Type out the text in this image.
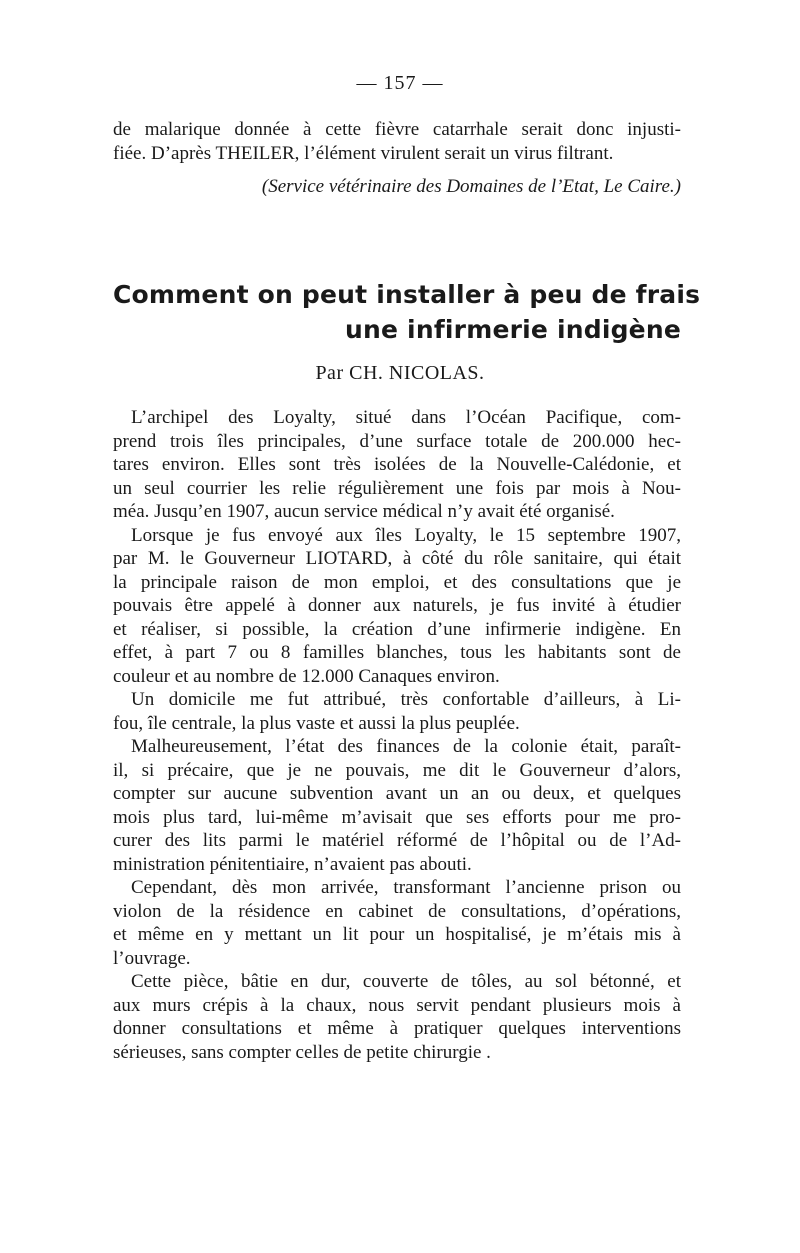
— 157 —
de malarique donnée à cette fièvre catarrhale serait donc injusti-
fiée. D’après THEILER, l’élément virulent serait un virus filtrant.
(Service vétérinaire des Domaines de l’Etat, Le Caire.)
Comment on peut installer à peu de frais
une infirmerie indigène
Par CH. NICOLAS.
L’archipel des Loyalty, situé dans l’Océan Pacifique, com-
prend trois îles principales, d’une surface totale de 200.000 hec-
tares environ. Elles sont très isolées de la Nouvelle-Calédonie, et
un seul courrier les relie régulièrement une fois par mois à Nou-
méa. Jusqu’en 1907, aucun service médical n’y avait été organisé.
Lorsque je fus envoyé aux îles Loyalty, le 15 septembre 1907,
par M. le Gouverneur LIOTARD, à côté du rôle sanitaire, qui était
la principale raison de mon emploi, et des consultations que je
pouvais être appelé à donner aux naturels, je fus invité à étudier
et réaliser, si possible, la création d’une infirmerie indigène. En
effet, à part 7 ou 8 familles blanches, tous les habitants sont de
couleur et au nombre de 12.000 Canaques environ.
Un domicile me fut attribué, très confortable d’ailleurs, à Li-
fou, île centrale, la plus vaste et aussi la plus peuplée.
Malheureusement, l’état des finances de la colonie était, paraît-
il, si précaire, que je ne pouvais, me dit le Gouverneur d’alors,
compter sur aucune subvention avant un an ou deux, et quelques
mois plus tard, lui-même m’avisait que ses efforts pour me pro-
curer des lits parmi le matériel réformé de l’hôpital ou de l’Ad-
ministration pénitentiaire, n’avaient pas abouti.
Cependant, dès mon arrivée, transformant l’ancienne prison ou
violon de la résidence en cabinet de consultations, d’opérations,
et même en y mettant un lit pour un hospitalisé, je m’étais mis à
l’ouvrage.
Cette pièce, bâtie en dur, couverte de tôles, au sol bétonné, et
aux murs crépis à la chaux, nous servit pendant plusieurs mois à
donner consultations et même à pratiquer quelques interventions
sérieuses, sans compter celles de petite chirurgie .
